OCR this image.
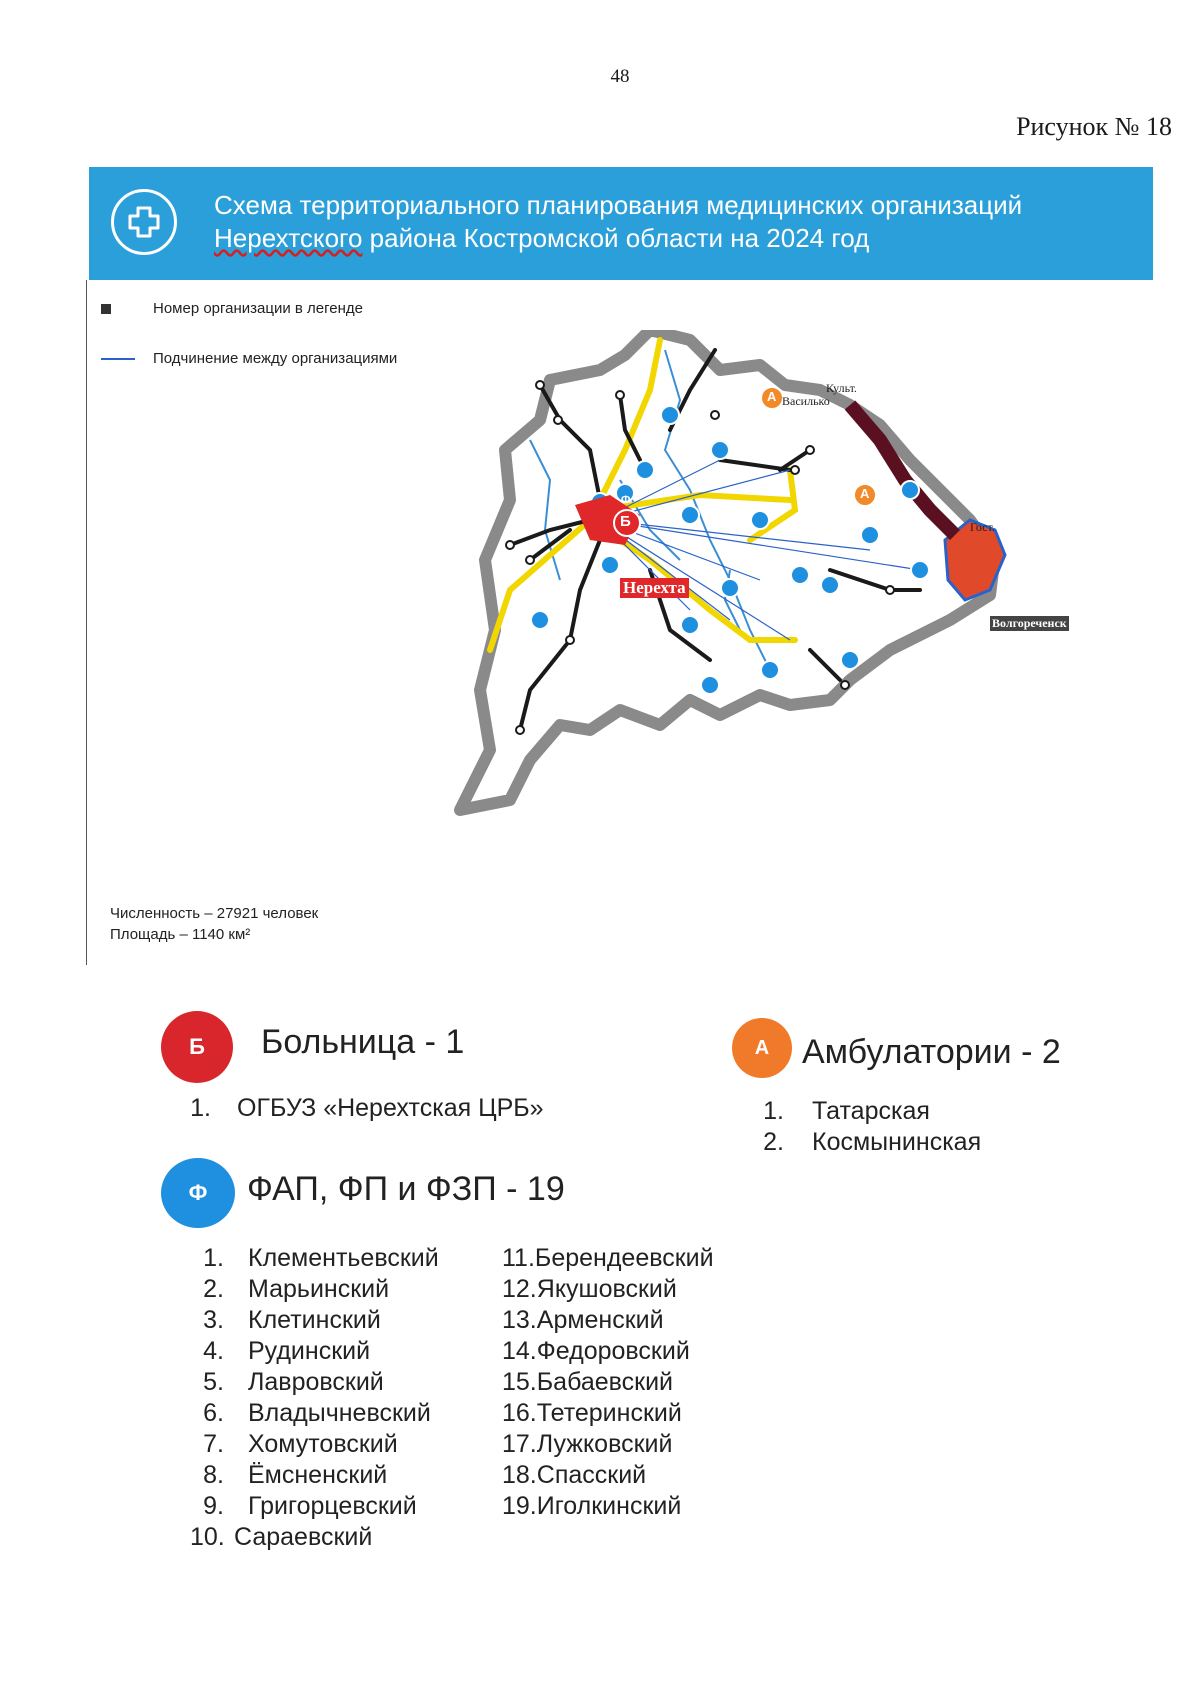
48
Рисунок № 18
Схема территориального планирования медицинских организаций
Нерехтского района Костромской области на 2024 год
Номер организации в легенде
Подчинение между организациями
Численность – 27921 человек
Площадь – 1140 км²
Нерехта
Волгореченск
Гост.
Культ.
Василько
Б
А
А
Ф
Б	Больница - 1
1. ОГБУЗ «Нерехтская ЦРБ»
А Амбулатории - 2
1. Татарская
2. Космынинская
Ф	ФАП, ФП и ФЗП - 19
1. Клементьевский
2. Марьинский
3. Клетинский
4. Рудинский
5. Лавровский
6. Владычневский
7. Хомутовский
8. Ёмсненский
9. Григорцевский
10. Сараевский
11.Берендеевский
12.Якушовский
13.Арменский
14.Федоровский
15.Бабаевский
16.Тетеринский
17.Лужковский
18.Спасский
19.Иголкинский
